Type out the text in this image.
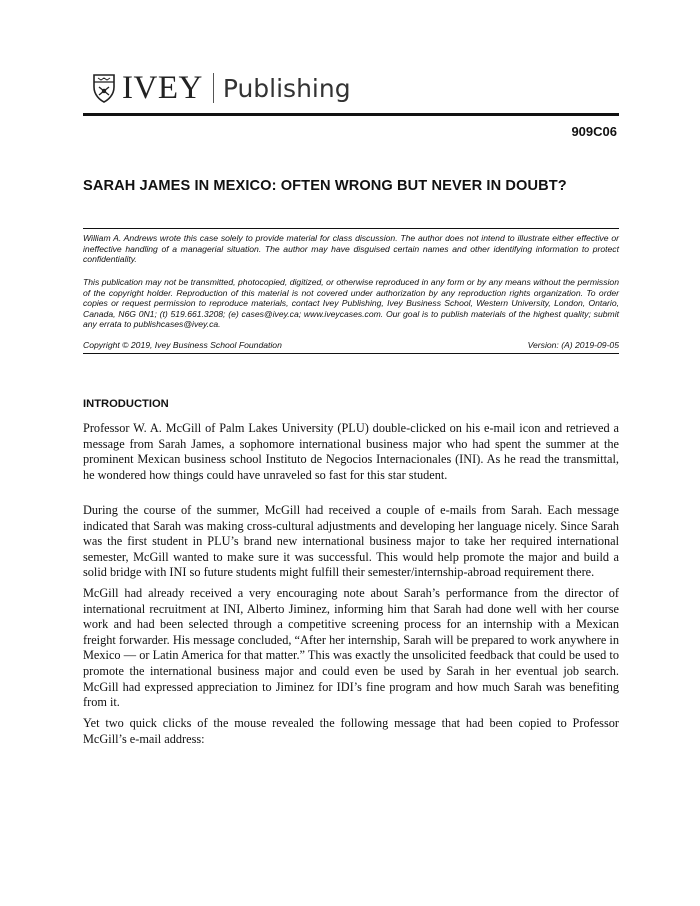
IVEY Publishing
909C06
SARAH JAMES IN MEXICO: OFTEN WRONG BUT NEVER IN DOUBT?
William A. Andrews wrote this case solely to provide material for class discussion. The author does not intend to illustrate either effective or ineffective handling of a managerial situation. The author may have disguised certain names and other identifying information to protect confidentiality.
This publication may not be transmitted, photocopied, digitized, or otherwise reproduced in any form or by any means without the permission of the copyright holder. Reproduction of this material is not covered under authorization by any reproduction rights organization. To order copies or request permission to reproduce materials, contact Ivey Publishing, Ivey Business School, Western University, London, Ontario, Canada, N6G 0N1; (t) 519.661.3208; (e) cases@ivey.ca; www.iveycases.com. Our goal is to publish materials of the highest quality; submit any errata to publishcases@ivey.ca.
Copyright © 2019, Ivey Business School Foundation	Version: (A) 2019-09-05
INTRODUCTION

Professor W. A. McGill of Palm Lakes University (PLU) double-clicked on his e-mail icon and retrieved a message from Sarah James, a sophomore international business major who had spent the summer at the prominent Mexican business school Instituto de Negocios Internacionales (INI). As he read the transmittal, he wondered how things could have unraveled so fast for this star student.

During the course of the summer, McGill had received a couple of e-mails from Sarah. Each message indicated that Sarah was making cross-cultural adjustments and developing her language nicely. Since Sarah was the first student in PLU’s brand new international business major to take her required international semester, McGill wanted to make sure it was successful. This would help promote the major and build a solid bridge with INI so future students might fulfill their semester/internship-abroad requirement there.

McGill had already received a very encouraging note about Sarah’s performance from the director of international recruitment at INI, Alberto Jiminez, informing him that Sarah had done well with her course work and had been selected through a competitive screening process for an internship with a Mexican freight forwarder. His message concluded, “After her internship, Sarah will be prepared to work anywhere in Mexico — or Latin America for that matter.” This was exactly the unsolicited feedback that could be used to promote the international business major and could even be used by Sarah in her eventual job search. McGill had expressed appreciation to Jiminez for IDI’s fine program and how much Sarah was benefiting from it.

Yet two quick clicks of the mouse revealed the following message that had been copied to Professor McGill’s e-mail address:
